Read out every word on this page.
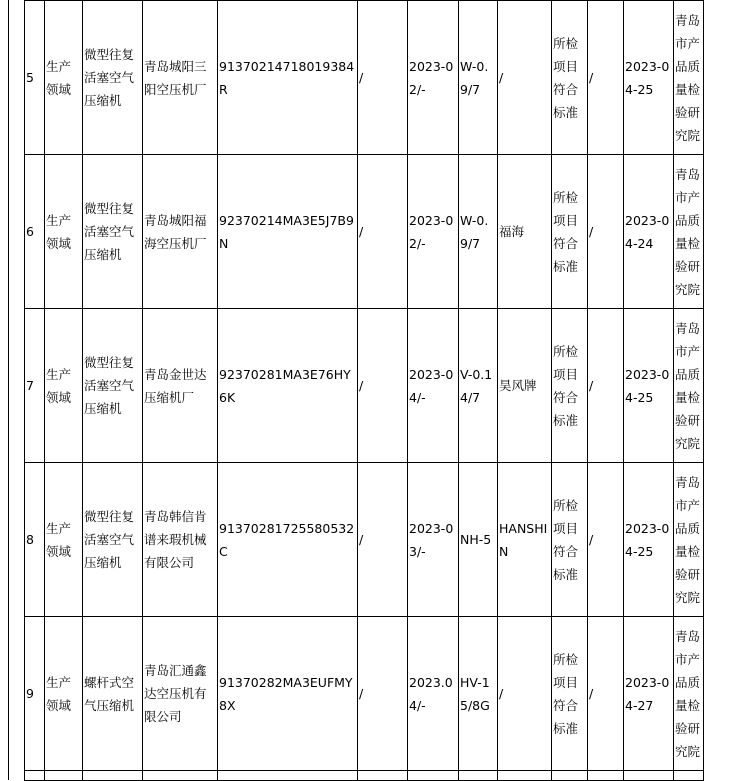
5	生产领域	微型往复活塞空气压缩机	青岛城阳三阳空压机厂	91370214718019384R	/	2023-02/-	W-0.9/7	/	所检项目符合标准	/	2023-04-25	青岛市产品质量检验研究院
6	生产领域	微型往复活塞空气压缩机	青岛城阳福海空压机厂	92370214MA3E5J7B9N	/	2023-02/-	W-0.9/7	福海	所检项目符合标准	/	2023-04-24	青岛市产品质量检验研究院
7	生产领域	微型往复活塞空气压缩机	青岛金世达压缩机厂	92370281MA3E76HY6K	/	2023-04/-	V-0.14/7	昊风牌	所检项目符合标准	/	2023-04-25	青岛市产品质量检验研究院
8	生产领域	微型往复活塞空气压缩机	青岛韩信肯谱来瑕机械有限公司	91370281725580532C	/	2023-03/-	NH-5	HANSHIN	所检项目符合标准	/	2023-04-25	青岛市产品质量检验研究院
9	生产领域	螺杆式空气压缩机	青岛汇通鑫达空压机有限公司	91370282MA3EUFMY8X	/	2023.04/-	HV-15/8G	/	所检项目符合标准	/	2023-04-27	青岛市产品质量检验研究院
